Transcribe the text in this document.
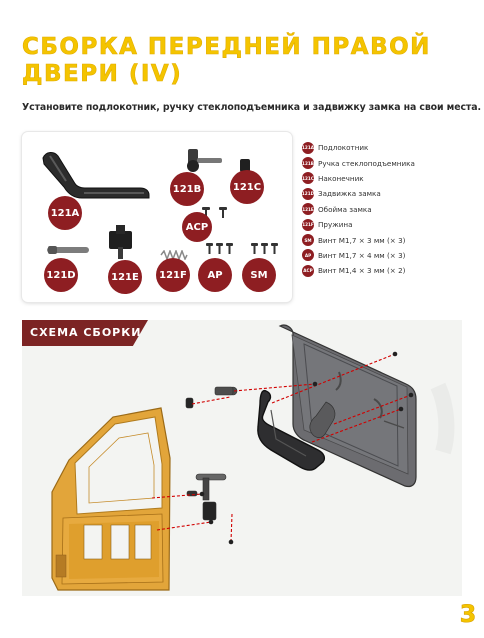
СБОРКА ПЕРЕДНЕЙ ПРАВОЙ
ДВЕРИ (IV)
Установите подлокотник, ручку стеклоподъемника и задвижку замка на свои места.
121A
121B	121C
ACP
121D	121E	121F	AP	SM
121A Подлокотник
121B Ручка стеклоподъемника
121C Наконечник
121D Задвижка замка
121E Обойма замка
121F Пружина
SM Винт М1,7 × 3 мм (× 3)
AP Винт М1,7 × 4 мм (× 3)
ACP Винт М1,4 × 3 мм (× 2)
СХЕМА СБОРКИ
3
